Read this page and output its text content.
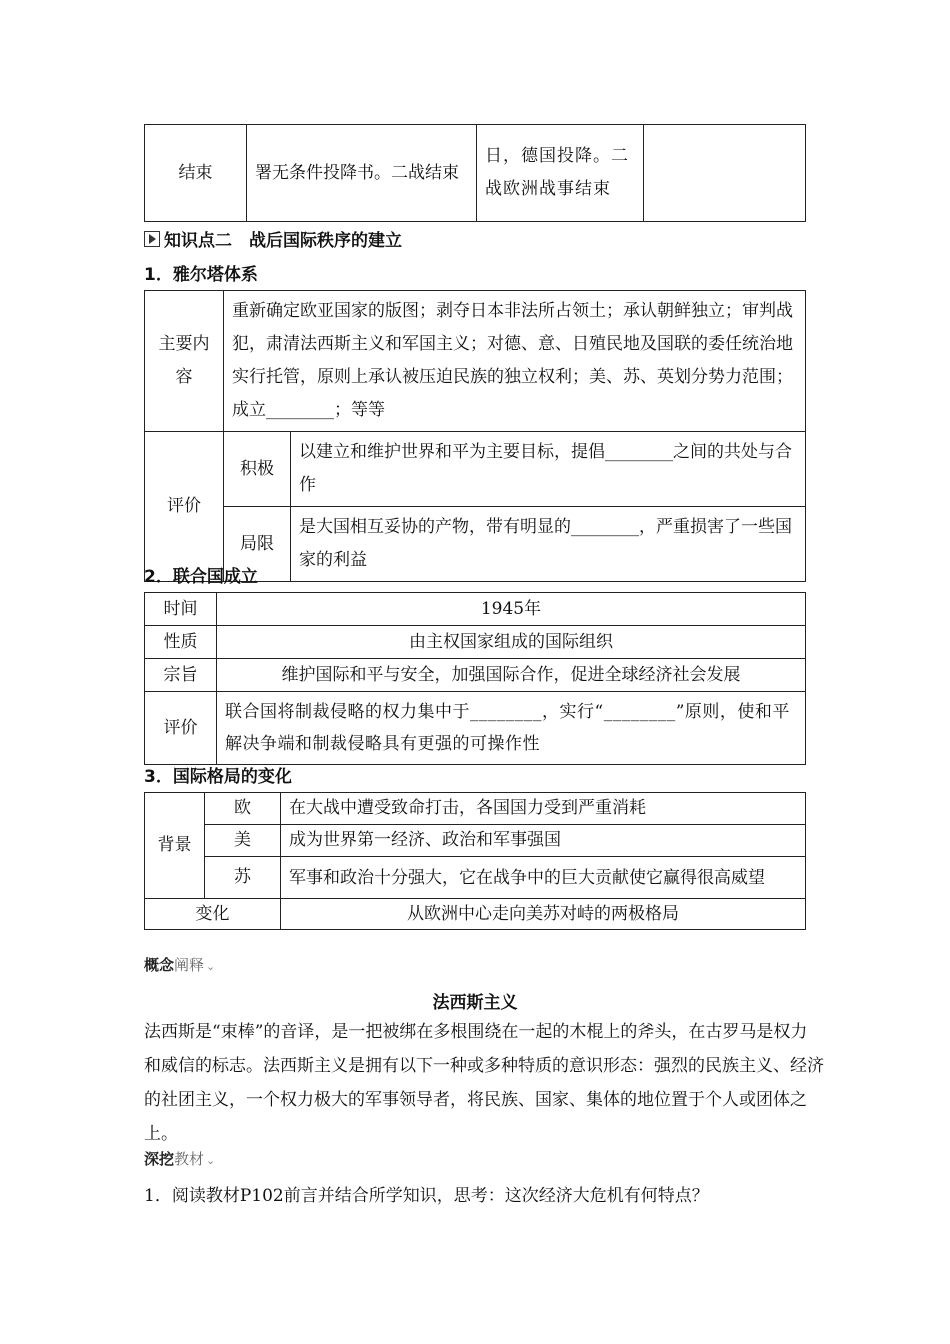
结束	署无条件投降书。二战结束	日，德国投降。二战欧洲战事结束	
知识点二　战后国际秩序的建立
1．雅尔塔体系
主要内容	重新确定欧亚国家的版图；剥夺日本非法所占领土；承认朝鲜独立；审判战犯，肃清法西斯主义和军国主义；对德、意、日殖民地及国联的委任统治地实行托管，原则上承认被压迫民族的独立权利；美、苏、英划分势力范围；成立________；等等	
评价	积极	以建立和维护世界和平为主要目标，提倡________之间的共处与合作
	局限	是大国相互妥协的产物，带有明显的________，严重损害了一些国家的利益
2．联合国成立
时间	1945年
性质	由主权国家组成的国际组织
宗旨	维护国际和平与安全，加强国际合作，促进全球经济社会发展
评价	联合国将制裁侵略的权力集中于________，实行“________”原则，使和平解决争端和制裁侵略具有更强的可操作性
3．国际格局的变化
背景	欧	在大战中遭受致命打击，各国国力受到严重消耗
	美	成为世界第一经济、政治和军事强国
	苏	军事和政治十分强大，它在战争中的巨大贡献使它赢得很高威望
变化		从欧洲中心走向美苏对峙的两极格局
概念阐释 ⌄
法西斯主义
法西斯是“束棒”的音译，是一把被绑在多根围绕在一起的木棍上的斧头，在古罗马是权力和威信的标志。法西斯主义是拥有以下一种或多种特质的意识形态：强烈的民族主义、经济的社团主义，一个权力极大的军事领导者，将民族、国家、集体的地位置于个人或团体之上。
深挖教材 ⌄
1．阅读教材P102前言并结合所学知识，思考：这次经济大危机有何特点？
